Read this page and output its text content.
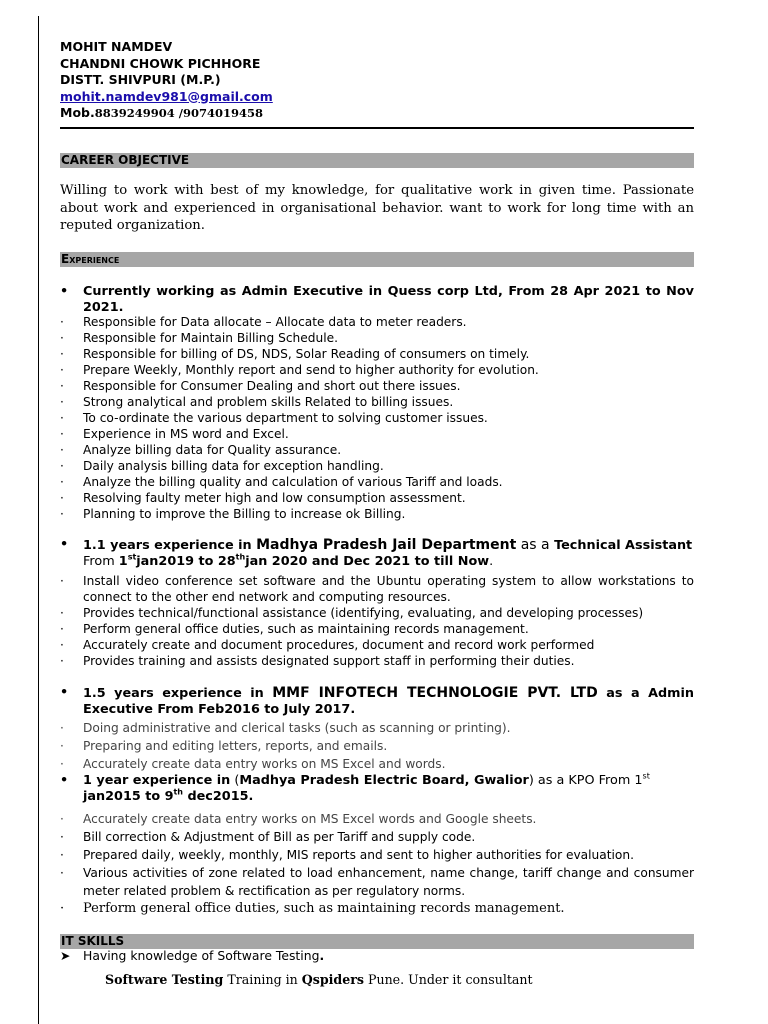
MOHIT NAMDEV
CHANDNI CHOWK PICHHORE
DISTT. SHIVPURI (M.P.)
mohit.namdev981@gmail.com
Mob.8839249904 /9074019458
CAREER OBJECTIVE
Willing to work with best of my knowledge, for qualitative work in given time. Passionate about work and experienced in organisational behavior. want to work for long time with an reputed organization.
Experience
• Currently working as Admin Executive in Quess corp Ltd, From 28 Apr 2021 to Nov 2021.
· Responsible for Data allocate – Allocate data to meter readers.
· Responsible for Maintain Billing Schedule.
· Responsible for billing of DS, NDS, Solar Reading of consumers on timely.
· Prepare Weekly, Monthly report and send to higher authority for evolution.
· Responsible for Consumer Dealing and short out there issues.
· Strong analytical and problem skills Related to billing issues.
· To co-ordinate the various department to solving customer issues.
· Experience in MS word and Excel.
· Analyze billing data for Quality assurance.
· Daily analysis billing data for exception handling.
· Analyze the billing quality and calculation of various Tariff and loads.
· Resolving faulty meter high and low consumption assessment.
· Planning to improve the Billing to increase ok Billing.
• 1.1 years experience in Madhya Pradesh Jail Department as a Technical Assistant
From 1stjan2019 to 28thjan 2020 and Dec 2021 to till Now.
· Install video conference set software and the Ubuntu operating system to allow workstations to connect to the other end network and computing resources.
· Provides technical/functional assistance (identifying, evaluating, and developing processes)
· Perform general office duties, such as maintaining records management.
· Accurately create and document procedures, document and record work performed
· Provides training and assists designated support staff in performing their duties.
• 1.5 years experience in MMF INFOTECH TECHNOLOGIE PVT. LTD as a Admin Executive From Feb2016 to July 2017.
· Doing administrative and clerical tasks (such as scanning or printing).
· Preparing and editing letters, reports, and emails.
· Accurately create data entry works on MS Excel and words.
• 1 year experience in (Madhya Pradesh Electric Board, Gwalior) as a KPO From 1st
jan2015 to 9th dec2015.
· Accurately create data entry works on MS Excel words and Google sheets.
· Bill correction & Adjustment of Bill as per Tariff and supply code.
· Prepared daily, weekly, monthly, MIS reports and sent to higher authorities for evaluation.
· Various activities of zone related to load enhancement, name change, tariff change and consumer meter related problem & rectification as per regulatory norms.
· Perform general office duties, such as maintaining records management.
IT SKILLS
➤ Having knowledge of Software Testing.
Software Testing Training in Qspiders Pune. Under it consultant
